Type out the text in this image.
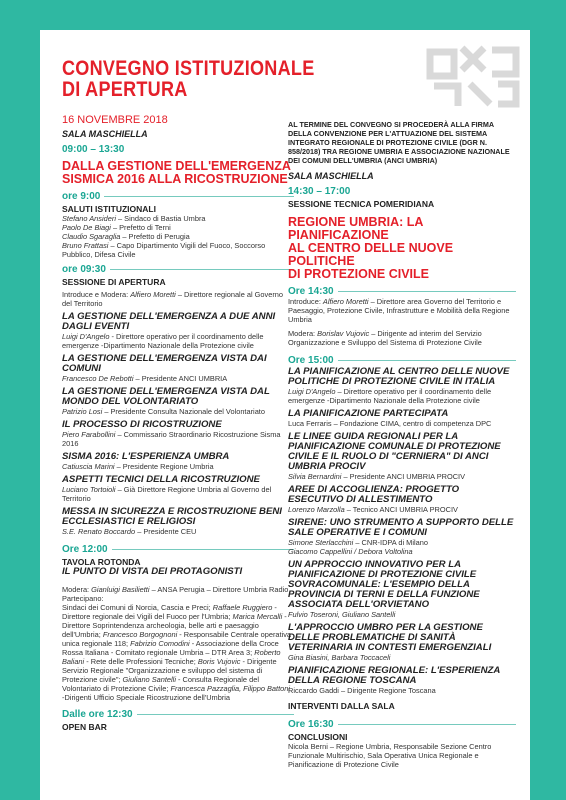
CONVEGNO ISTITUZIONALE
DI APERTURA
16 NOVEMBRE 2018
SALA MASCHIELLA
09:00 – 13:30
DALLA GESTIONE DELL'EMERGENZA
SISMICA 2016 ALLA RICOSTRUZIONE
ore 9:00
SALUTI ISTITUZIONALI
Stefano Ansideri – Sindaco di Bastia Umbra
Paolo De Biagi – Prefetto di Terni
Claudio Sgaraglia – Prefetto di Perugia
Bruno Frattasi – Capo Dipartimento Vigili del Fuoco, Soccorso Pubblico, Difesa Civile
ore 09:30
SESSIONE DI APERTURA
Introduce e Modera: Alfiero Moretti – Direttore regionale al Governo del Territorio
LA GESTIONE DELL'EMERGENZA A DUE ANNI DAGLI EVENTI
Luigi D'Angelo - Direttore operativo per il coordinamento delle emergenze -Dipartimento Nazionale della Protezione civile
LA GESTIONE DELL'EMERGENZA VISTA DAI COMUNI
Francesco De Rebotti – Presidente ANCI UMBRIA
LA GESTIONE DELL'EMERGENZA VISTA DAL MONDO DEL VOLONTARIATO
Patrizio Losi – Presidente Consulta Nazionale del Volontariato
IL PROCESSO DI RICOSTRUZIONE
Piero Farabollini – Commissario Straordinario Ricostruzione Sisma 2016
SISMA 2016: L'ESPERIENZA UMBRA
Catiuscia Marini – Presidente Regione Umbria
ASPETTI TECNICI DELLA RICOSTRUZIONE
Luciano Tortoioli – Già Direttore Regione Umbria al Governo del Territorio
MESSA IN SICUREZZA E RICOSTRUZIONE BENI ECCLESIASTICI E RELIGIOSI
S.E. Renato Boccardo – Presidente CEU
Ore 12:00
TAVOLA ROTONDA
IL PUNTO DI VISTA DEI PROTAGONISTI
Modera: Gianluigi Basilietti – ANSA Perugia – Direttore Umbria Radio
Partecipano:
Sindaci dei Comuni di Norcia, Cascia e Preci; Raffaele Ruggiero - Direttore regionale dei Vigili del Fuoco per l'Umbria; Marica Mercalli - Direttore Soprintendenza archeologia, belle arti e paesaggio dell'Umbria; Francesco Borgognoni - Responsabile Centrale operativa unica regionale 118; Fabrizio Comodini - Associazione della Croce Rossa Italiana - Comitato regionale Umbria – DTR Area 3; Roberto Baliani - Rete delle Professioni Tecniche; Boris Vujovic - Dirigente Servizio Regionale "Organizzazione e sviluppo del sistema di Protezione civile"; Giuliano Santelli - Consulta Regionale del Volontariato di Protezione Civile; Francesca Pazzaglia, Filippo Battoni -Dirigenti Ufficio Speciale Ricostruzione dell'Umbria
Dalle ore 12:30
OPEN BAR
AL TERMINE DEL CONVEGNO SI PROCEDERÀ ALLA FIRMA DELLA CONVENZIONE PER L'ATTUAZIONE DEL SISTEMA INTEGRATO REGIONALE DI PROTEZIONE CIVILE (DGR N. 858/2018) TRA REGIONE UMBRIA E ASSOCIAZIONE NAZIONALE DEI COMUNI DELL'UMBRIA (ANCI UMBRIA)
SALA MASCHIELLA
14:30 – 17:00
SESSIONE TECNICA POMERIDIANA
REGIONE UMBRIA: LA PIANIFICAZIONE
AL CENTRO DELLE NUOVE POLITICHE
DI PROTEZIONE CIVILE
Ore 14:30
Introduce: Alfiero Moretti – Direttore area Governo del Territorio e Paesaggio, Protezione Civile, Infrastrutture e Mobilità della Regione Umbria
Modera: Borislav Vujovic – Dirigente ad interim del Servizio Organizzazione e Sviluppo del Sistema di Protezione Civile
Ore 15:00
LA PIANIFICAZIONE AL CENTRO DELLE NUOVE POLITICHE DI PROTEZIONE CIVILE IN ITALIA
Luigi D'Angelo – Direttore operativo per il coordinamento delle emergenze -Dipartimento Nazionale della Protezione civile
LA PIANIFICAZIONE PARTECIPATA
Luca Ferraris – Fondazione CIMA, centro di competenza DPC
LE LINEE GUIDA REGIONALI PER LA PIANIFICAZIONE COMUNALE DI PROTEZIONE CIVILE E IL RUOLO DI "CERNIERA" DI ANCI UMBRIA PROCIV
Silvia Bernardini – Presidente ANCI UMBRIA PROCIV
AREE DI ACCOGLIENZA: PROGETTO ESECUTIVO DI ALLESTIMENTO
Lorenzo Marzolla – Tecnico ANCI UMBRIA PROCIV
SIRENE: UNO STRUMENTO A SUPPORTO DELLE SALE OPERATIVE E I COMUNI
Simone Sterlacchini – CNR-IDPA di Milano
Giacomo Cappellini / Debora Voltolina
UN APPROCCIO INNOVATIVO PER LA PIANIFICAZIONE DI PROTEZIONE CIVILE SOVRACOMUNALE: L'ESEMPIO DELLA PROVINCIA DI TERNI E DELLA FUNZIONE ASSOCIATA DELL'ORVIETANO
Fulvio Toseroni, Giuliano Santelli
L'APPROCCIO UMBRO PER LA GESTIONE DELLE PROBLEMATICHE DI SANITÀ VETERINARIA IN CONTESTI EMERGENZIALI
Gina Biasini, Barbara Toccaceli
PIANIFICAZIONE REGIONALE: L'ESPERIENZA DELLA REGIONE TOSCANA
Riccardo Gaddi – Dirigente Regione Toscana
INTERVENTI DALLA SALA
Ore 16:30
CONCLUSIONI
Nicola Berni – Regione Umbria, Responsabile Sezione Centro Funzionale Multirischio, Sala Operativa Unica Regionale e Pianificazione di Protezione Civile
